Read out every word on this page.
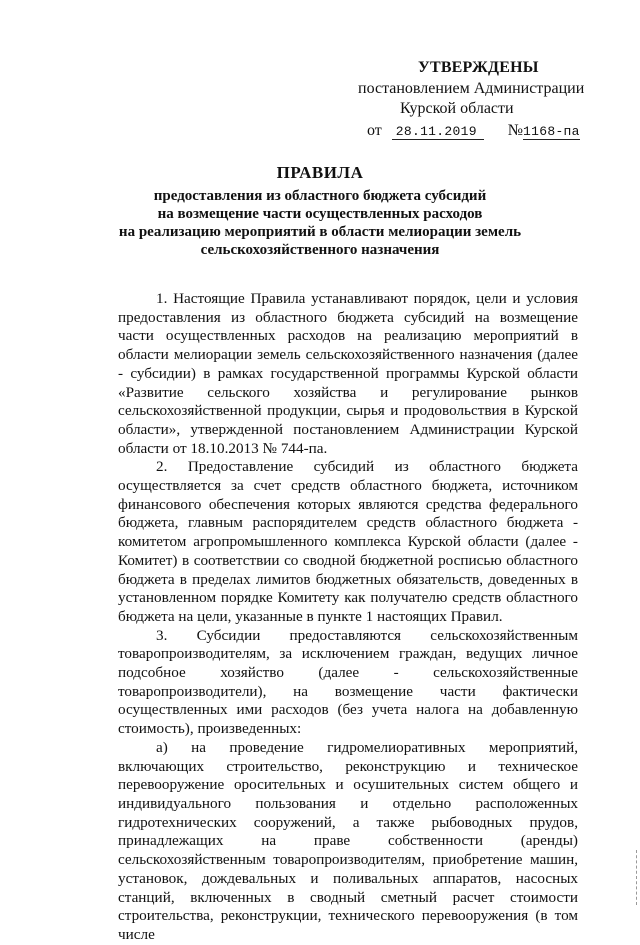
УТВЕРЖДЕНЫ
постановлением Администрации
Курской области
от 28.11.2019 №1168-па
ПРАВИЛА
предоставления из областного бюджета субсидий
на возмещение части осуществленных расходов
на реализацию мероприятий в области мелиорации земель
сельскохозяйственного назначения

1. Настоящие Правила устанавливают порядок, цели и условия предоставления из областного бюджета субсидий на возмещение части осуществленных расходов на реализацию мероприятий в области мелиорации земель сельскохозяйственного назначения (далее - субсидии) в рамках государственной программы Курской области «Развитие сельского хозяйства и регулирование рынков сельскохозяйственной продукции, сырья и продовольствия в Курской области», утвержденной постановлением Администрации Курской области от 18.10.2013 № 744-па.

2. Предоставление субсидий из областного бюджета осуществляется за счет средств областного бюджета, источником финансового обеспечения которых являются средства федерального бюджета, главным распорядителем средств областного бюджета - комитетом агропромышленного комплекса Курской области (далее - Комитет) в соответствии со сводной бюджетной росписью областного бюджета в пределах лимитов бюджетных обязательств, доведенных в установленном порядке Комитету как получателю средств областного бюджета на цели, указанные в пункте 1 настоящих Правил.

3. Субсидии предоставляются сельскохозяйственным товаропроизводителям, за исключением граждан, ведущих личное подсобное хозяйство (далее - сельскохозяйственные товаропроизводители), на возмещение части фактически осуществленных ими расходов (без учета налога на добавленную стоимость), произведенных:

а) на проведение гидромелиоративных мероприятий, включающих строительство, реконструкцию и техническое перевооружение оросительных и осушительных систем общего и индивидуального пользования и отдельно расположенных гидротехнических сооружений, а также рыбоводных прудов, принадлежащих на праве собственности (аренды) сельскохозяйственным товаропроизводителям, приобретение машин, установок, дождевальных и поливальных аппаратов, насосных станций, включенных в сводный сметный расчет стоимости строительства, реконструкции, технического перевооружения (в том числе
